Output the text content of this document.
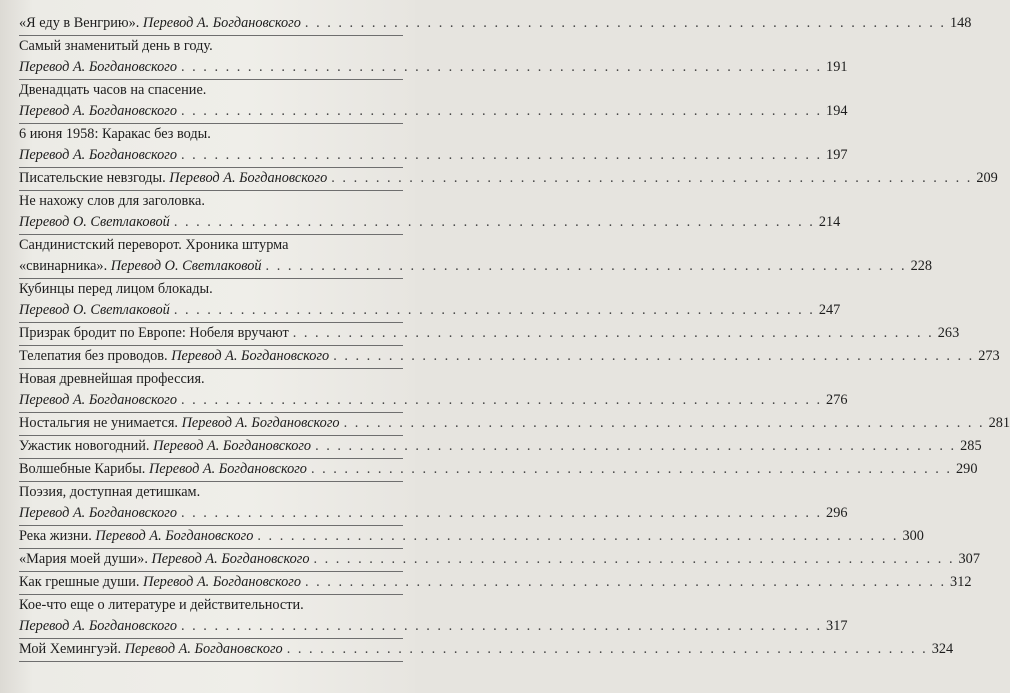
«Я еду в Венгрию». Перевод А. Богдановского . . .	148
Самый знаменитый день в году.
Перевод А. Богдановского . . .	191
Двенадцать часов на спасение.
Перевод А. Богдановского . . .	194
6 июня 1958: Каракас без воды.
Перевод А. Богдановского . . .	197
Писательские невзгоды. Перевод А. Богдановского . . .	209
Не нахожу слов для заголовка.
Перевод О. Светлаковой . . .	214
Сандинистский переворот. Хроника штурма
«свинарника». Перевод О. Светлаковой . . .	228
Кубинцы перед лицом блокады.
Перевод О. Светлаковой . . .	247
Призрак бродит по Европе: Нобеля вручают . . .	263
Телепатия без проводов. Перевод А. Богдановского . . .	273
Новая древнейшая профессия.
Перевод А. Богдановского . . .	276
Ностальгия не унимается. Перевод А. Богдановского . . .	281
Ужастик новогодний. Перевод А. Богдановского . . .	285
Волшебные Карибы. Перевод А. Богдановского . . .	290
Поэзия, доступная детишкам.
Перевод А. Богдановского . . .	296
Река жизни. Перевод А. Богдановского . . .	300
«Мария моей души». Перевод А. Богдановского . . .	307
Как грешные души. Перевод А. Богдановского . . .	312
Кое-что еще о литературе и действительности.
Перевод А. Богдановского . . .	317
Мой Хемингуэй. Перевод А. Богдановского . . .	324
